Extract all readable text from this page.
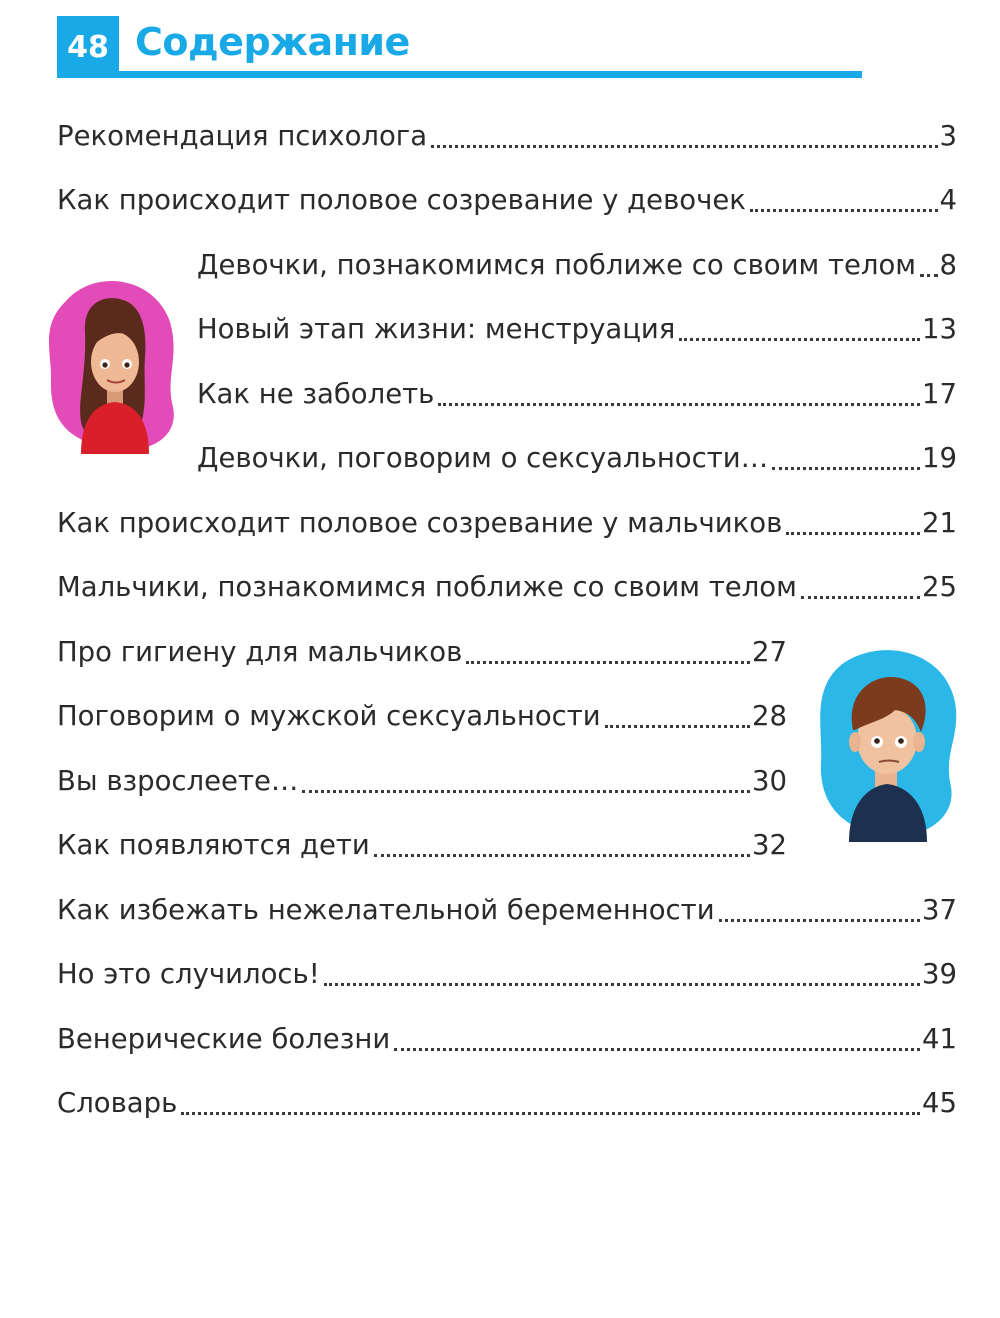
48 Содержание
Рекомендация психолога	3
Как происходит половое созревание у девочек	4
Девочки, познакомимся поближе со своим телом 8
Новый этап жизни: менструация	13
Как не заболеть	17
Девочки, поговорим о сексуальности…	19
Как происходит половое созревание у мальчиков	21
Мальчики, познакомимся поближе со своим телом	25
Про гигиену для мальчиков	27
Поговорим о мужской сексуальности	28
Вы взрослеете…	30
Как появляются дети	32
Как избежать нежелательной беременности	37
Но это случилось!	39
Венерические болезни	41
Словарь	45
